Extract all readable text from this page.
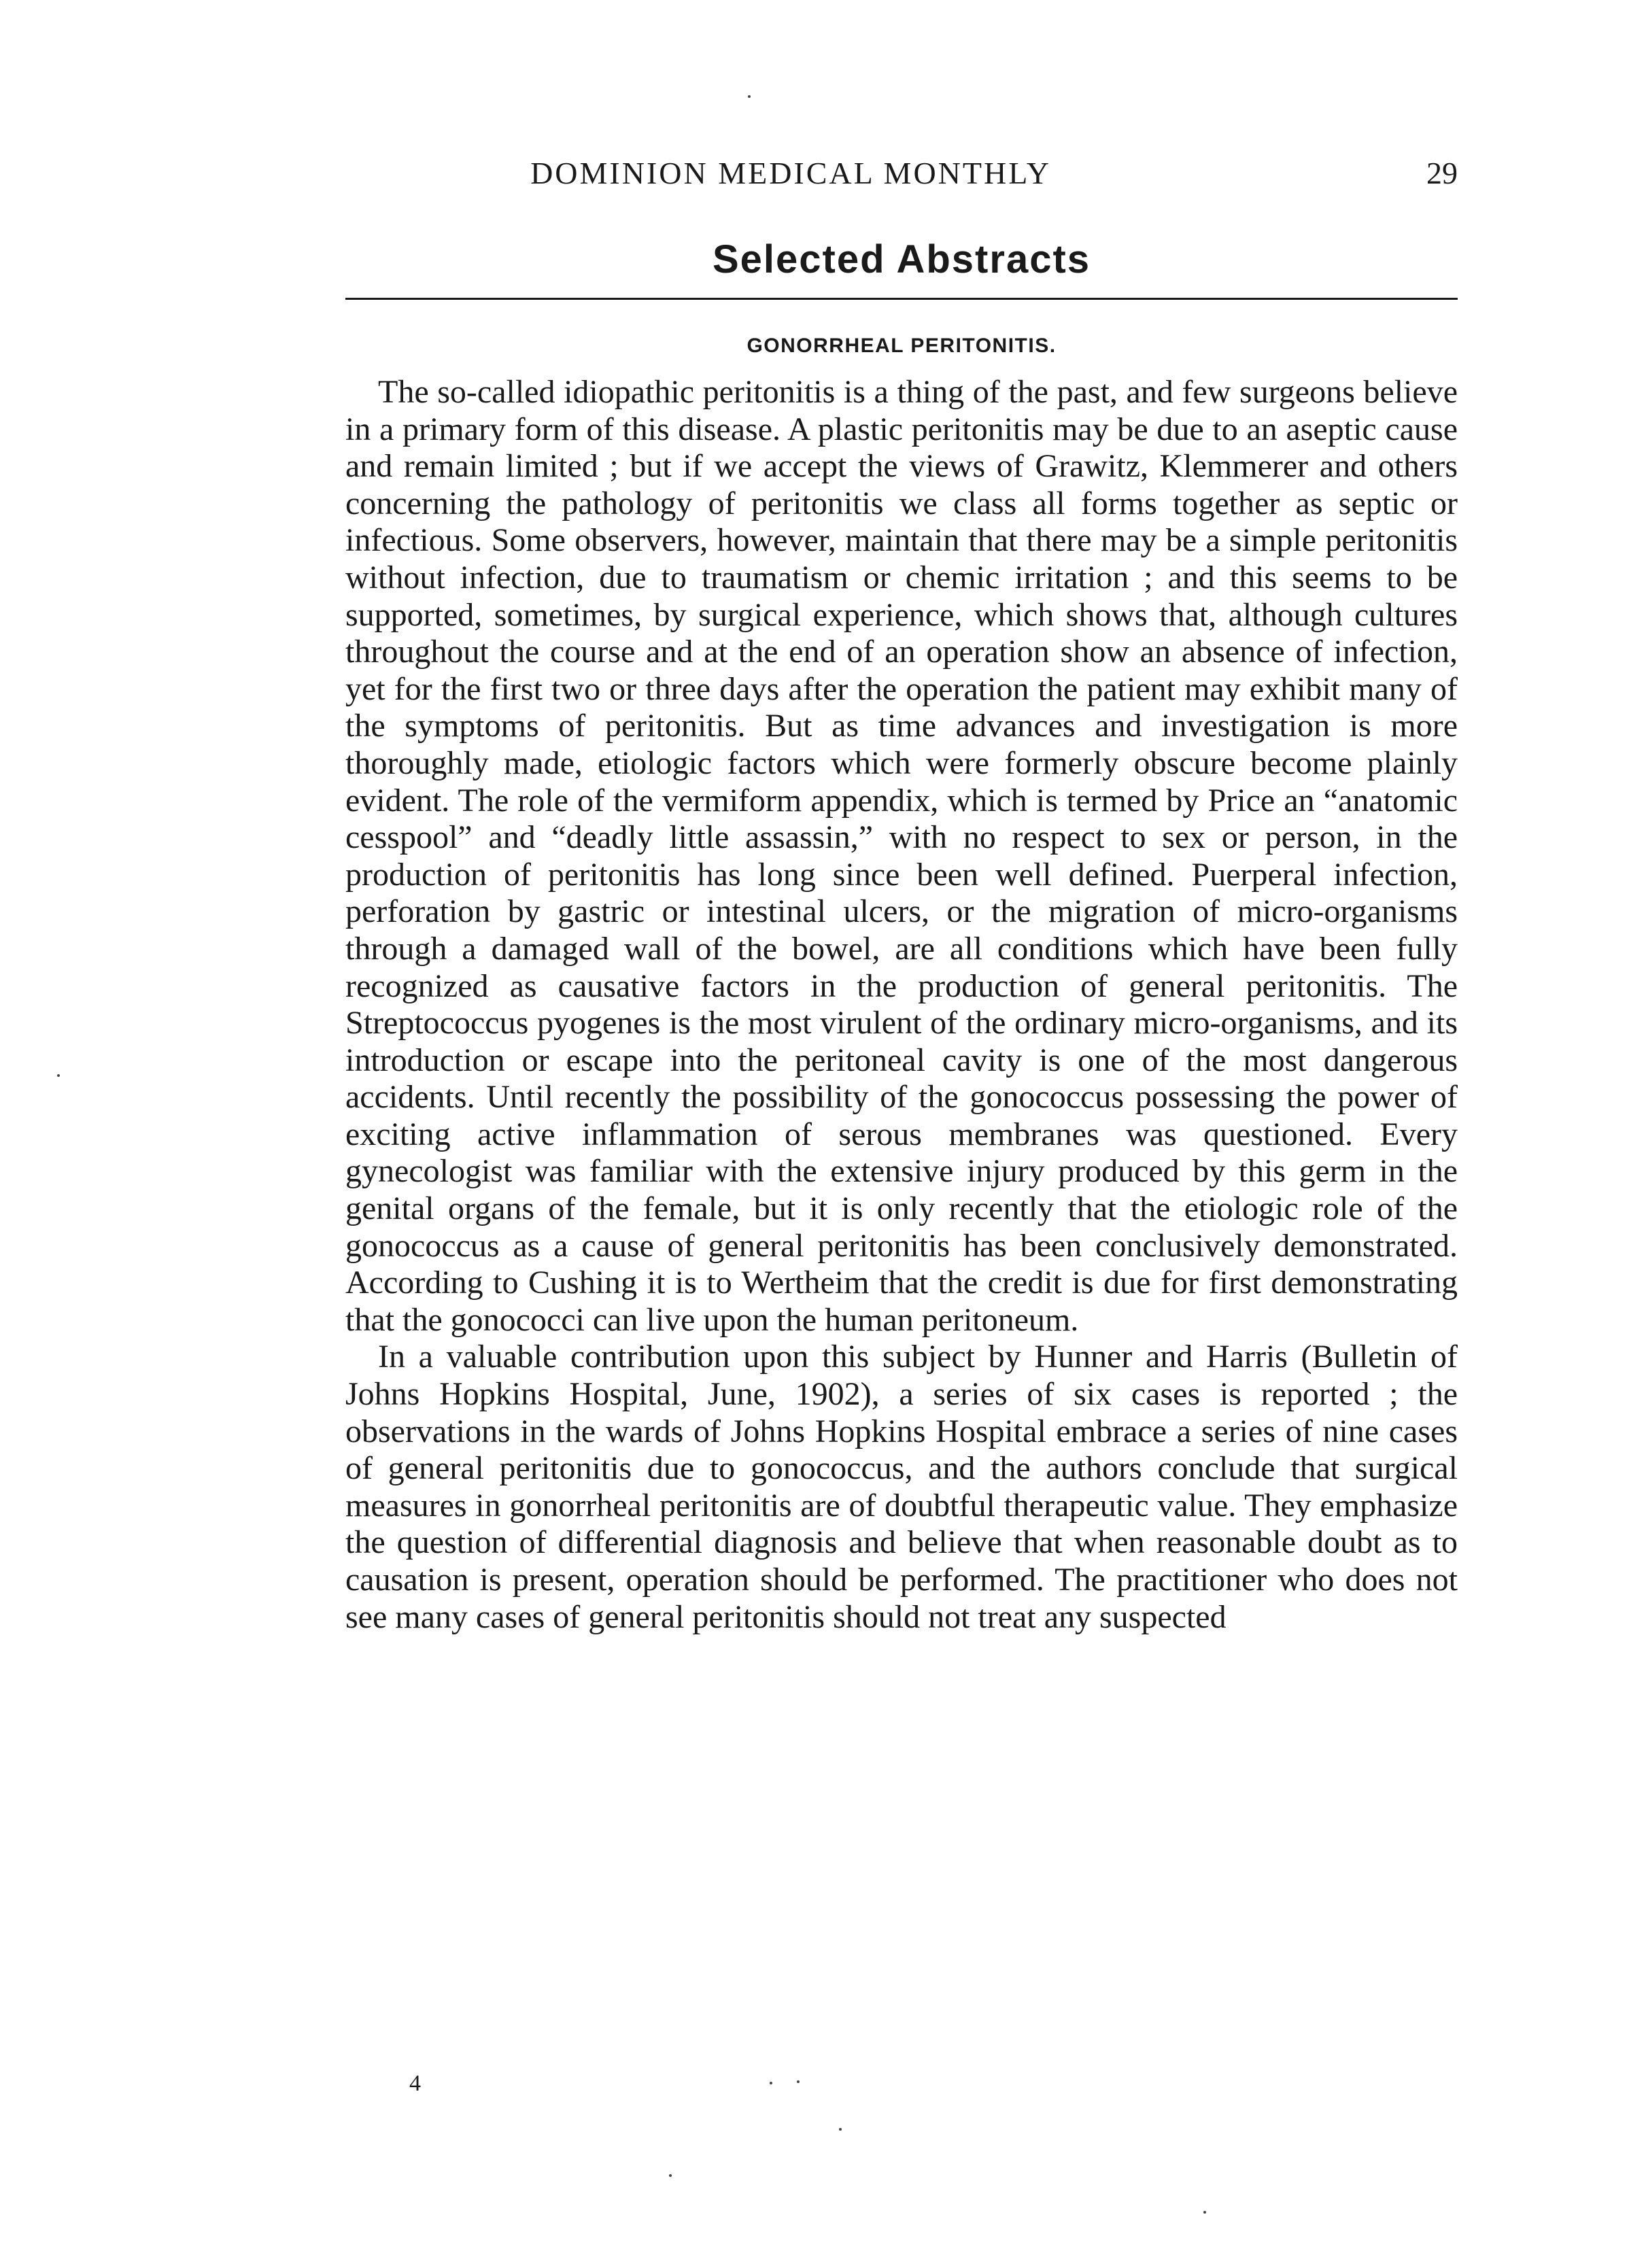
DOMINION MEDICAL MONTHLY	29
Selected Abstracts
GONORRHEAL PERITONITIS.

The so-called idiopathic peritonitis is a thing of the past, and few surgeons believe in a primary form of this disease. A plastic peritonitis may be due to an aseptic cause and remain limited ; but if we accept the views of Grawitz, Klemmerer and others concerning the pathology of peritonitis we class all forms together as septic or infectious. Some observers, however, maintain that there may be a simple peritonitis without infection, due to traumatism or chemic irritation ; and this seems to be supported, sometimes, by surgical experience, which shows that, although cultures throughout the course and at the end of an operation show an absence of infection, yet for the first two or three days after the operation the patient may exhibit many of the symptoms of peritonitis. But as time advances and investigation is more thoroughly made, etiologic factors which were formerly obscure become plainly evident. The role of the vermiform appendix, which is termed by Price an “anatomic cesspool” and “deadly little assassin,” with no respect to sex or person, in the production of peritonitis has long since been well defined. Puerperal infection, perforation by gastric or intestinal ulcers, or the migration of micro-organisms through a damaged wall of the bowel, are all conditions which have been fully recognized as causative factors in the production of general peritonitis. The Streptococcus pyogenes is the most virulent of the ordinary micro-organisms, and its introduction or escape into the peritoneal cavity is one of the most dangerous accidents. Until recently the possibility of the gonococcus possessing the power of exciting active inflammation of serous membranes was questioned. Every gynecologist was familiar with the extensive injury produced by this germ in the genital organs of the female, but it is only recently that the etiologic role of the gonococcus as a cause of general peritonitis has been conclusively demonstrated. According to Cushing it is to Wertheim that the credit is due for first demonstrating that the gonococci can live upon the human peritoneum.

In a valuable contribution upon this subject by Hunner and Harris (Bulletin of Johns Hopkins Hospital, June, 1902), a series of six cases is reported ; the observations in the wards of Johns Hopkins Hospital embrace a series of nine cases of general peritonitis due to gonococcus, and the authors conclude that surgical measures in gonorrheal peritonitis are of doubtful therapeutic value. They emphasize the question of differential diagnosis and believe that when reasonable doubt as to causation is present, operation should be performed. The practitioner who does not see many cases of general peritonitis should not treat any suspected

4
